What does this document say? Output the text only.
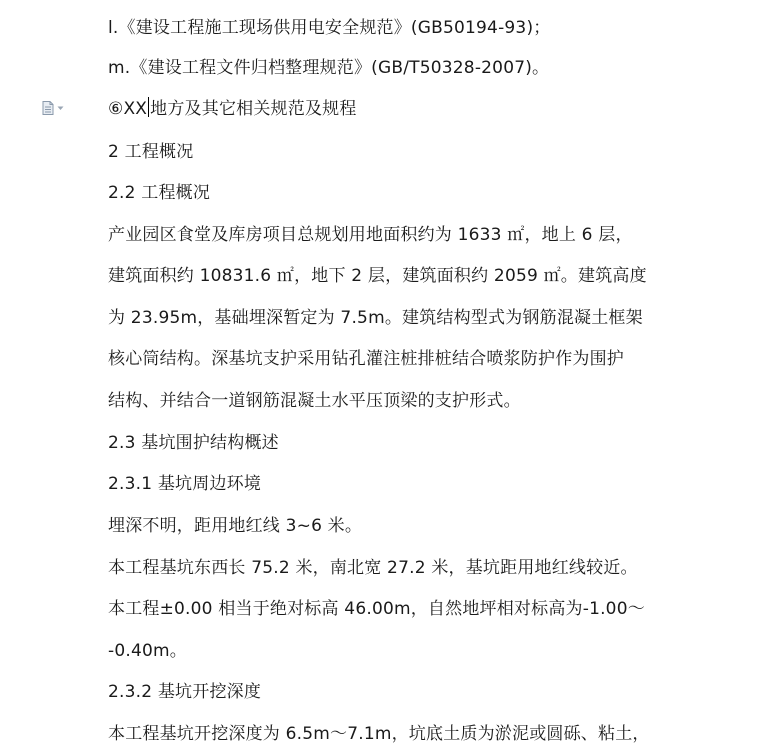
l.《建设工程施工现场供用电安全规范》(GB50194-93)；
m.《建设工程文件归档整理规范》(GB/T50328-2007)。
⑥XX 地方及其它相关规范及规程
2 工程概况
2.2 工程概况
产业园区食堂及库房项目总规划用地面积约为 1633 ㎡，地上 6 层，
建筑面积约 10831.6 ㎡，地下 2 层，建筑面积约 2059 ㎡。建筑高度
为 23.95m，基础埋深暂定为 7.5m。建筑结构型式为钢筋混凝土框架
核心筒结构。深基坑支护采用钻孔灌注桩排桩结合喷浆防护作为围护
结构、并结合一道钢筋混凝土水平压顶梁的支护形式。
2.3 基坑围护结构概述
2.3.1 基坑周边环境
埋深不明，距用地红线 3~6 米。
本工程基坑东西长 75.2 米，南北宽 27.2 米，基坑距用地红线较近。
本工程±0.00 相当于绝对标高 46.00m，自然地坪相对标高为-1.00～
-0.40m。
2.3.2 基坑开挖深度
本工程基坑开挖深度为 6.5m～7.1m，坑底土质为淤泥或圆砾、粘土，
